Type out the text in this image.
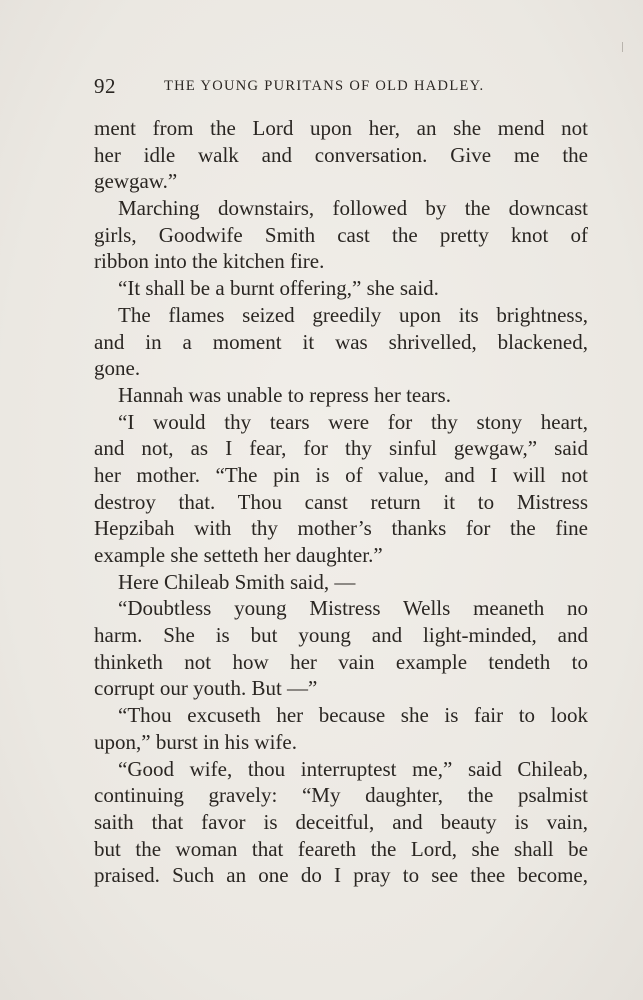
92	THE YOUNG PURITANS OF OLD HADLEY.
ment from the Lord upon her, an she mend not
her idle walk and conversation. Give me the
gewgaw.”
Marching downstairs, followed by the downcast
girls, Goodwife Smith cast the pretty knot of
ribbon into the kitchen fire.
“It shall be a burnt offering,” she said.
The flames seized greedily upon its brightness,
and in a moment it was shrivelled, blackened,
gone.
Hannah was unable to repress her tears.
“I would thy tears were for thy stony heart,
and not, as I fear, for thy sinful gewgaw,” said
her mother. “The pin is of value, and I will not
destroy that. Thou canst return it to Mistress
Hepzibah with thy mother’s thanks for the fine
example she setteth her daughter.”
Here Chileab Smith said, —
“Doubtless young Mistress Wells meaneth no
harm. She is but young and light-minded, and
thinketh not how her vain example tendeth to
corrupt our youth. But —”
“Thou excuseth her because she is fair to look
upon,” burst in his wife.
“Good wife, thou interruptest me,” said Chileab,
continuing gravely: “My daughter, the psalmist
saith that favor is deceitful, and beauty is vain,
but the woman that feareth the Lord, she shall be
praised. Such an one do I pray to see thee become,
